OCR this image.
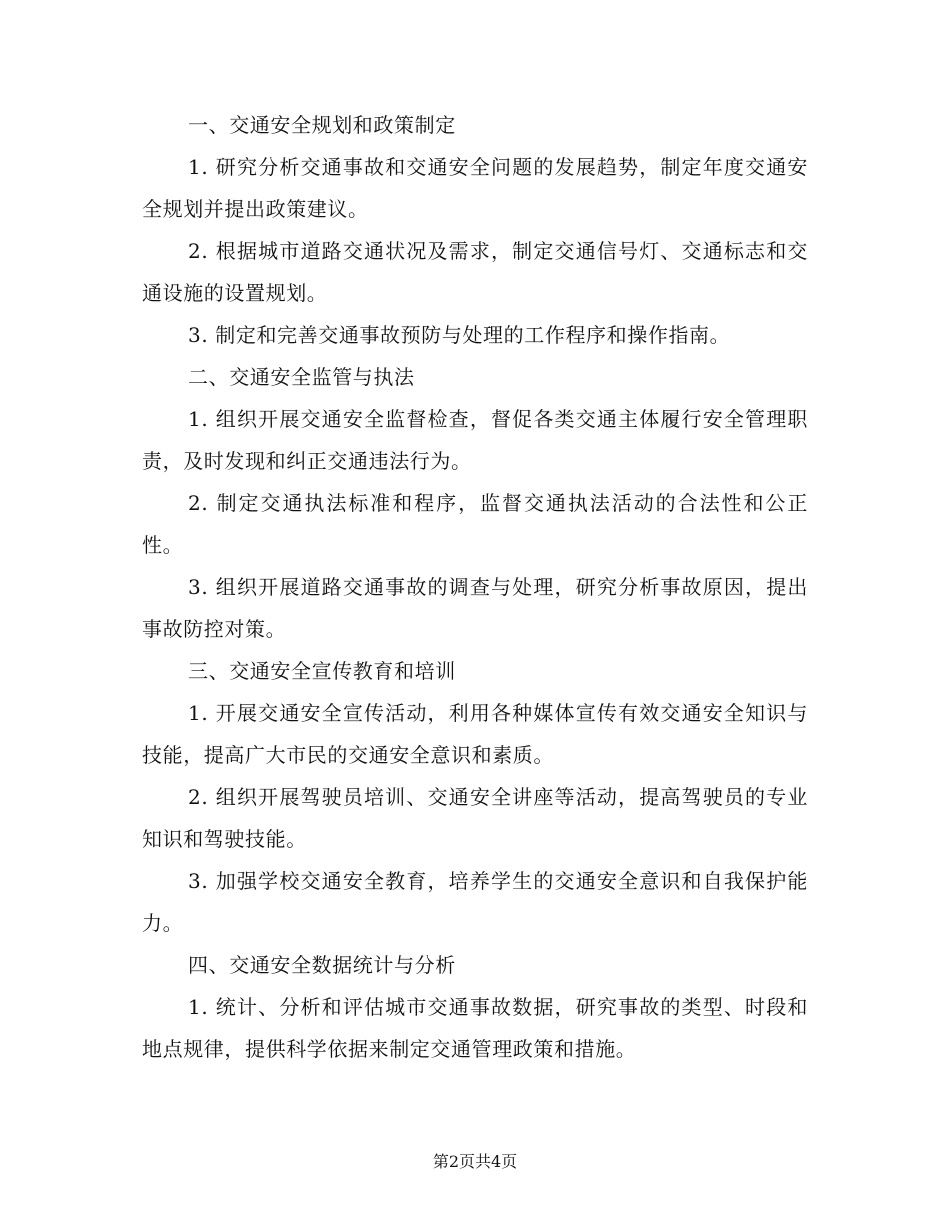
一、交通安全规划和政策制定

1. 研究分析交通事故和交通安全问题的发展趋势，制定年度交通安全规划并提出政策建议。

2. 根据城市道路交通状况及需求，制定交通信号灯、交通标志和交通设施的设置规划。

3. 制定和完善交通事故预防与处理的工作程序和操作指南。

二、交通安全监管与执法

1. 组织开展交通安全监督检查，督促各类交通主体履行安全管理职责，及时发现和纠正交通违法行为。

2. 制定交通执法标准和程序，监督交通执法活动的合法性和公正性。

3. 组织开展道路交通事故的调查与处理，研究分析事故原因，提出事故防控对策。

三、交通安全宣传教育和培训

1. 开展交通安全宣传活动，利用各种媒体宣传有效交通安全知识与技能，提高广大市民的交通安全意识和素质。

2. 组织开展驾驶员培训、交通安全讲座等活动，提高驾驶员的专业知识和驾驶技能。

3. 加强学校交通安全教育，培养学生的交通安全意识和自我保护能力。

四、交通安全数据统计与分析

1. 统计、分析和评估城市交通事故数据，研究事故的类型、时段和地点规律，提供科学依据来制定交通管理政策和措施。

第2页共4页
